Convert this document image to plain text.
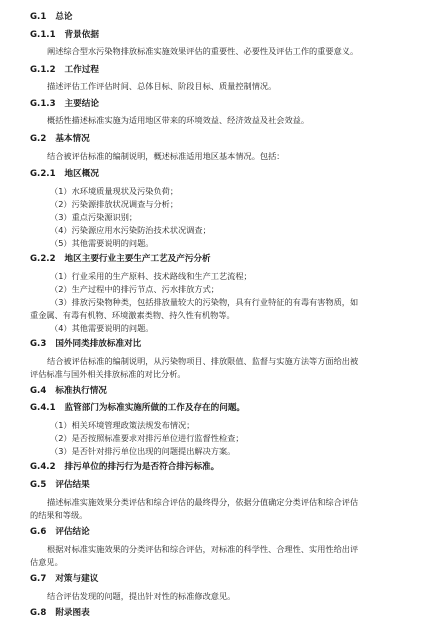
G.1 总论
G.1.1 背景依据
阐述综合型水污染物排放标准实施效果评估的重要性、必要性及评估工作的重要意义。
G.1.2 工作过程
描述评估工作评估时间、总体目标、阶段目标、质量控制情况。
G.1.3 主要结论
概括性描述标准实施为适用地区带来的环境效益、经济效益及社会效益。
G.2 基本情况
结合被评估标准的编制说明，概述标准适用地区基本情况。包括：
G.2.1 地区概况
（1）水环境质量现状及污染负荷；
（2）污染源排放状况调查与分析；
（3）重点污染源识别；
（4）污染源应用水污染防治技术状况调查；
（5）其他需要说明的问题。
G.2.2 地区主要行业主要生产工艺及产污分析
（1）行业采用的生产原料、技术路线和生产工艺流程；
（2）生产过程中的排污节点、污水排放方式；
（3）排放污染物种类，包括排放量较大的污染物，具有行业特征的有毒有害物质，如
重金属、有毒有机物、环境激素类物、持久性有机物等。
（4）其他需要说明的问题。
G.3 国外同类排放标准对比
结合被评估标准的编制说明，从污染物项目、排放限值、监督与实施方法等方面给出被
评估标准与国外相关排放标准的对比分析。
G.4 标准执行情况
G.4.1 监管部门为标准实施所做的工作及存在的问题。
（1）相关环境管理政策法规发布情况；
（2）是否按照标准要求对排污单位进行监督性检查；
（3）是否针对排污单位出现的问题提出解决方案。
G.4.2 排污单位的排污行为是否符合排污标准。
G.5 评估结果
描述标准实施效果分类评估和综合评估的最终得分，依据分值确定分类评估和综合评估
的结果和等级。
G.6 评估结论
根据对标准实施效果的分类评估和综合评估，对标准的科学性、合理性、实用性给出评
估意见。
G.7 对策与建议
结合评估发现的问题，提出针对性的标准修改意见。
G.8 附录图表
